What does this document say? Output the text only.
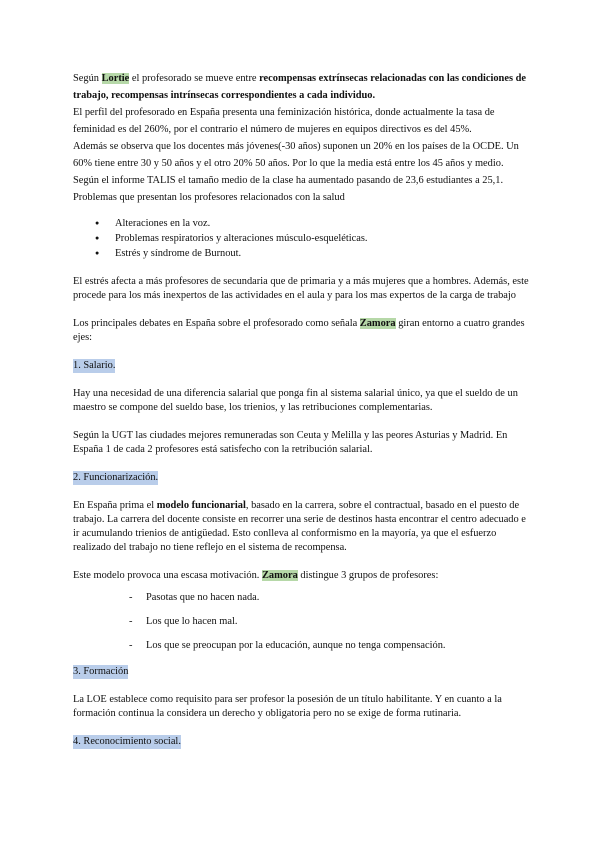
Según Lortie el profesorado se mueve entre recompensas extrínsecas relacionadas con las condiciones de trabajo, recompensas intrínsecas correspondientes a cada individuo.

El perfil del profesorado en España presenta una feminización histórica, donde actualmente la tasa de feminidad es del 260%, por el contrario el número de mujeres en equipos directivos es del 45%.

Además se observa que los docentes más jóvenes(-30 años) suponen un 20% en los países de la OCDE. Un 60% tiene entre 30 y 50 años y el otro 20% 50 años. Por lo que la media está entre los 45 años y medio.

Según el informe TALIS el tamaño medio de la clase ha aumentado pasando de 23,6 estudiantes a 25,1.

Problemas que presentan los profesores relacionados con la salud

● Alteraciones en la voz.
● Problemas respiratorios y alteraciones músculo-esqueléticas.
● Estrés y síndrome de Burnout.

El estrés afecta a más profesores de secundaria que de primaria y a más mujeres que a hombres. Además, este procede para los más inexpertos de las actividades en el aula y para los mas expertos de la carga de trabajo

Los principales debates en España sobre el profesorado como señala Zamora giran entorno a cuatro grandes ejes:

1. Salario.

Hay una necesidad de una diferencia salarial que ponga fin al sistema salarial único, ya que el sueldo de un maestro se compone del sueldo base, los trienios, y las retribuciones complementarias.

Según la UGT las ciudades mejores remuneradas son Ceuta y Melilla y las peores Asturias y Madrid. En España 1 de cada 2 profesores está satisfecho con la retribución salarial.

2. Funcionarización.

En España prima el modelo funcionarial, basado en la carrera, sobre el contractual, basado en el puesto de trabajo. La carrera del docente consiste en recorrer una serie de destinos hasta encontrar el centro adecuado e ir acumulando trienios de antigüedad. Esto conlleva al conformismo en la mayoría, ya que el esfuerzo realizado del trabajo no tiene reflejo en el sistema de recompensa.

Este modelo provoca una escasa motivación. Zamora distingue 3 grupos de profesores:

- Pasotas que no hacen nada.
- Los que lo hacen mal.
- Los que se preocupan por la educación, aunque no tenga compensación.

3. Formación

La LOE establece como requisito para ser profesor la posesión de un título habilitante. Y en cuanto a la formación continua la considera un derecho y obligatoria pero no se exige de forma rutinaria.

4. Reconocimiento social.
